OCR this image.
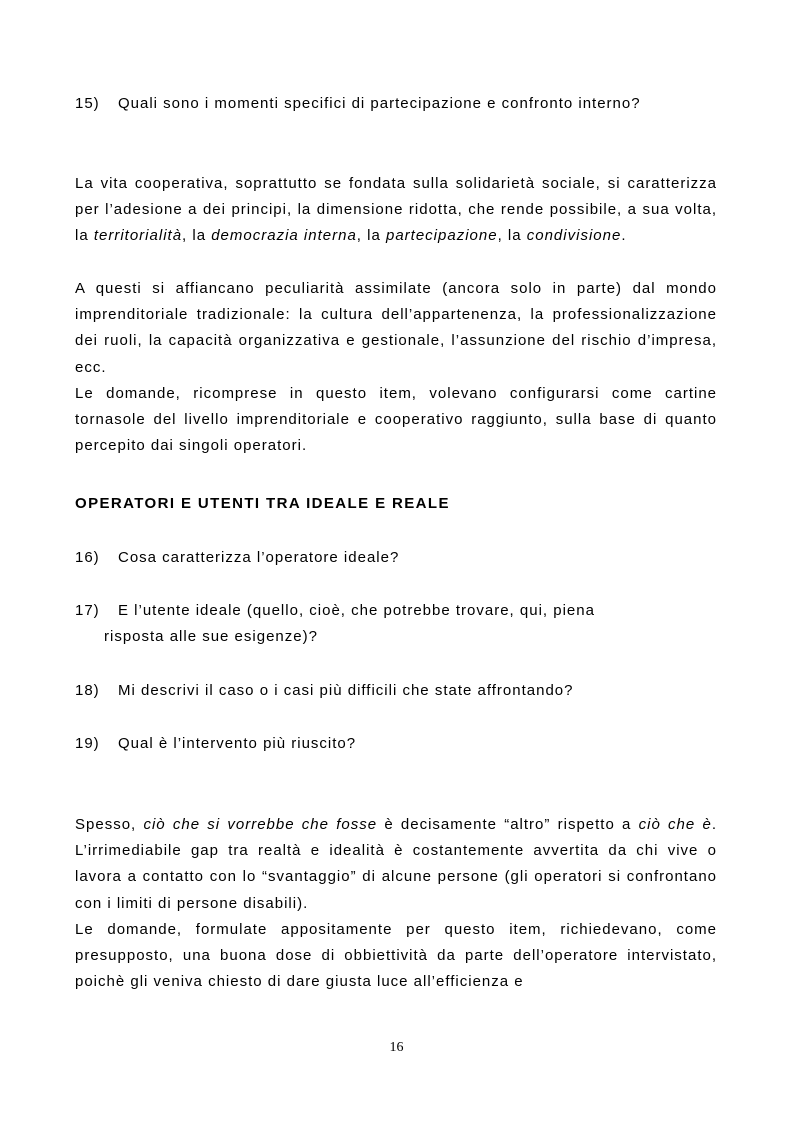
15) Quali sono i momenti specifici di partecipazione e confronto interno?

La vita cooperativa, soprattutto se fondata sulla solidarietà sociale, si caratterizza per l’adesione a dei principi, la dimensione ridotta, che rende possibile, a sua volta, la territorialità, la democrazia interna, la partecipazione, la condivisione.

A questi si affiancano peculiarità assimilate (ancora solo in parte) dal mondo imprenditoriale tradizionale: la cultura dell’appartenenza, la professionalizzazione dei ruoli, la capacità organizzativa e gestionale, l’assunzione del rischio d’impresa, ecc.

Le domande, ricomprese in questo item, volevano configurarsi come cartine tornasole del livello imprenditoriale e cooperativo raggiunto, sulla base di quanto percepito dai singoli operatori.

OPERATORI E UTENTI TRA IDEALE E REALE

16) Cosa caratterizza l’operatore ideale?

17) E l’utente ideale (quello, cioè, che potrebbe trovare, qui, piena
risposta alle sue esigenze)?

18) Mi descrivi il caso o i casi più difficili che state affrontando?

19) Qual è l’intervento più riuscito?

Spesso, ciò che si vorrebbe che fosse è decisamente “altro” rispetto a ciò che è. L’irrimediabile gap tra realtà e idealità è costantemente avvertita da chi vive o lavora a contatto con lo “svantaggio” di alcune persone (gli operatori si confrontano con i limiti di persone disabili).

Le domande, formulate appositamente per questo item, richiedevano, come presupposto, una buona dose di obbiettività da parte dell’operatore intervistato, poichè gli veniva chiesto di dare giusta luce all’efficienza e

16
